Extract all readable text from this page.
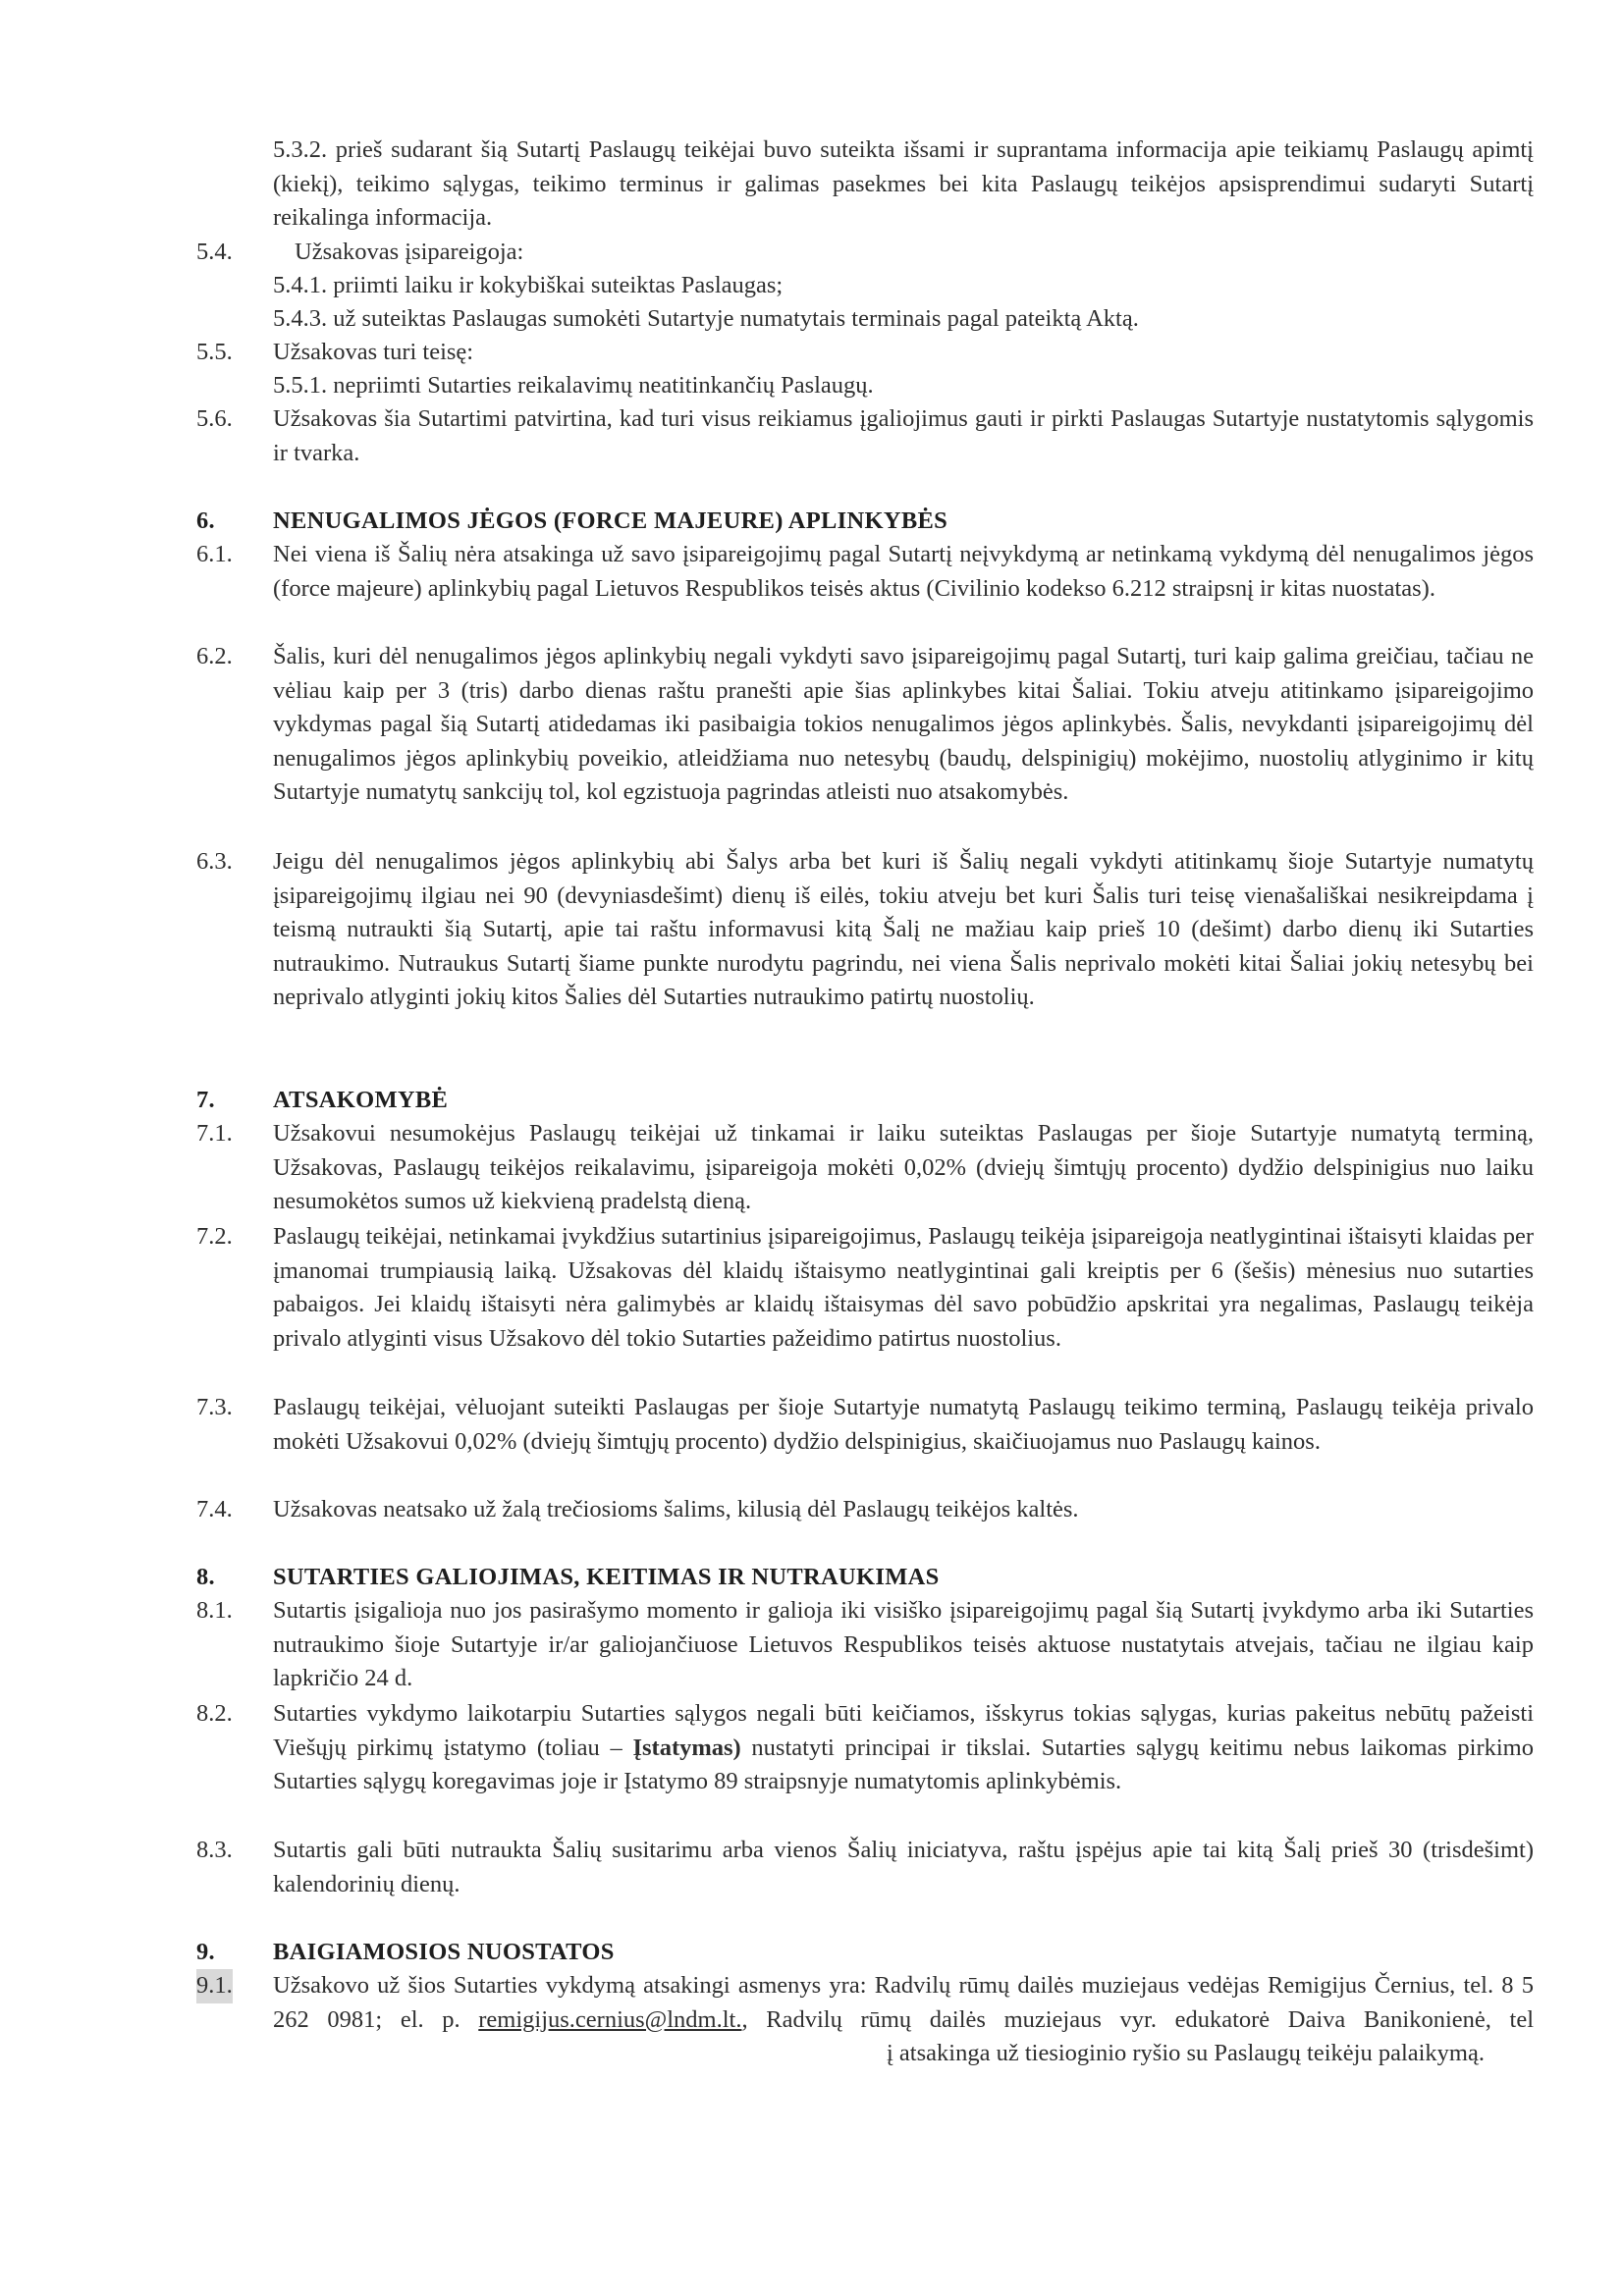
5.3.2. prieš sudarant šią Sutartį Paslaugų teikėjai buvo suteikta išsami ir suprantama informacija apie teikiamų Paslaugų apimtį (kiekį), teikimo sąlygas, teikimo terminus ir galimas pasekmes bei kita Paslaugų teikėjos apsisprendimui sudaryti Sutartį reikalinga informacija.
5.4.	Užsakovas įsipareigoja:
5.4.1. priimti laiku ir kokybiškai suteiktas Paslaugas;
5.4.3. už suteiktas Paslaugas sumokėti Sutartyje numatytais terminais pagal pateiktą Aktą.
5.5. Užsakovas turi teisę:
5.5.1. nepriimti Sutarties reikalavimų neatitinkančių Paslaugų.
5.6. Užsakovas šia Sutartimi patvirtina, kad turi visus reikiamus įgaliojimus gauti ir pirkti Paslaugas Sutartyje nustatytomis sąlygomis ir tvarka.
6. NENUGALIMOS JĖGOS (FORCE MAJEURE) APLINKYBĖS
6.1. Nei viena iš Šalių nėra atsakinga už savo įsipareigojimų pagal Sutartį neįvykdymą ar netinkamą vykdymą dėl nenugalimos jėgos (force majeure) aplinkybių pagal Lietuvos Respublikos teisės aktus (Civilinio kodekso 6.212 straipsnį ir kitas nuostatas).
6.2. Šalis, kuri dėl nenugalimos jėgos aplinkybių negali vykdyti savo įsipareigojimų pagal Sutartį, turi kaip galima greičiau, tačiau ne vėliau kaip per 3 (tris) darbo dienas raštu pranešti apie šias aplinkybes kitai Šaliai. Tokiu atveju atitinkamo įsipareigojimo vykdymas pagal šią Sutartį atidedamas iki pasibaigia tokios nenugalimos jėgos aplinkybės. Šalis, nevykdanti įsipareigojimų dėl nenugalimos jėgos aplinkybių poveikio, atleidžiama nuo netesybų (baudų, delspinigių) mokėjimo, nuostolių atlyginimo ir kitų Sutartyje numatytų sankcijų tol, kol egzistuoja pagrindas atleisti nuo atsakomybės.
6.3. Jeigu dėl nenugalimos jėgos aplinkybių abi Šalys arba bet kuri iš Šalių negali vykdyti atitinkamų šioje Sutartyje numatytų įsipareigojimų ilgiau nei 90 (devyniasdešimt) dienų iš eilės, tokiu atveju bet kuri Šalis turi teisę vienašališkai nesikreipdama į teismą nutraukti šią Sutartį, apie tai raštu informavusi kitą Šalį ne mažiau kaip prieš 10 (dešimt) darbo dienų iki Sutarties nutraukimo. Nutraukus Sutartį šiame punkte nurodytu pagrindu, nei viena Šalis neprivalo mokėti kitai Šaliai jokių netesybų bei neprivalo atlyginti jokių kitos Šalies dėl Sutarties nutraukimo patirtų nuostolių.
7. ATSAKOMYBĖ
7.1. Užsakovui nesumokėjus Paslaugų teikėjai už tinkamai ir laiku suteiktas Paslaugas per šioje Sutartyje numatytą terminą, Užsakovas, Paslaugų teikėjos reikalavimu, įsipareigoja mokėti 0,02% (dviejų šimtųjų procento) dydžio delspinigius nuo laiku nesumokėtos sumos už kiekvieną pradelstą dieną.
7.2. Paslaugų teikėjai, netinkamai įvykdžius sutartinius įsipareigojimus, Paslaugų teikėja įsipareigoja neatlygintinai ištaisyti klaidas per įmanomai trumpiausią laiką. Užsakovas dėl klaidų ištaisymo neatlygintinai gali kreiptis per 6 (šešis) mėnesius nuo sutarties pabaigos. Jei klaidų ištaisyti nėra galimybės ar klaidų ištaisymas dėl savo pobūdžio apskritai yra negalimas, Paslaugų teikėja privalo atlyginti visus Užsakovo dėl tokio Sutarties pažeidimo patirtus nuostolius.
7.3. Paslaugų teikėjai, vėluojant suteikti Paslaugas per šioje Sutartyje numatytą Paslaugų teikimo terminą, Paslaugų teikėja privalo mokėti Užsakovui 0,02% (dviejų šimtųjų procento) dydžio delspinigius, skaičiuojamus nuo Paslaugų kainos.
7.4. Užsakovas neatsako už žalą trečiosioms šalims, kilusią dėl Paslaugų teikėjos kaltės.
8. SUTARTIES GALIOJIMAS, KEITIMAS IR NUTRAUKIMAS
8.1. Sutartis įsigalioja nuo jos pasirašymo momento ir galioja iki visiško įsipareigojimų pagal šią Sutartį įvykdymo arba iki Sutarties nutraukimo šioje Sutartyje ir/ar galiojančiuose Lietuvos Respublikos teisės aktuose nustatytais atvejais, tačiau ne ilgiau kaip lapkričio 24 d.
8.2. Sutarties vykdymo laikotarpiu Sutarties sąlygos negali būti keičiamos, išskyrus tokias sąlygas, kurias pakeitus nebūtų pažeisti Viešųjų pirkimų įstatymo (toliau – Įstatymas) nustatyti principai ir tikslai. Sutarties sąlygų keitimu nebus laikomas pirkimo Sutarties sąlygų koregavimas joje ir Įstatymo 89 straipsnyje numatytomis aplinkybėmis.
8.3. Sutartis gali būti nutraukta Šalių susitarimu arba vienos Šalių iniciatyva, raštu įspėjus apie tai kitą Šalį prieš 30 (trisdešimt) kalendorinių dienų.
9. BAIGIAMOSIOS NUOSTATOS
9.1. Užsakovo už šios Sutarties vykdymą atsakingi asmenys yra: Radvilų rūmų dailės muziejaus vedėjas Remigijus Černius, tel. 8 5 262 0981; el. p. remigijus.cernius@lndm.lt., Radvilų rūmų dailės muziejaus vyr. edukatorė Daiva Banikonienė, telį atsakinga už tiesioginio ryšio su Paslaugų teikėju palaikymą.
